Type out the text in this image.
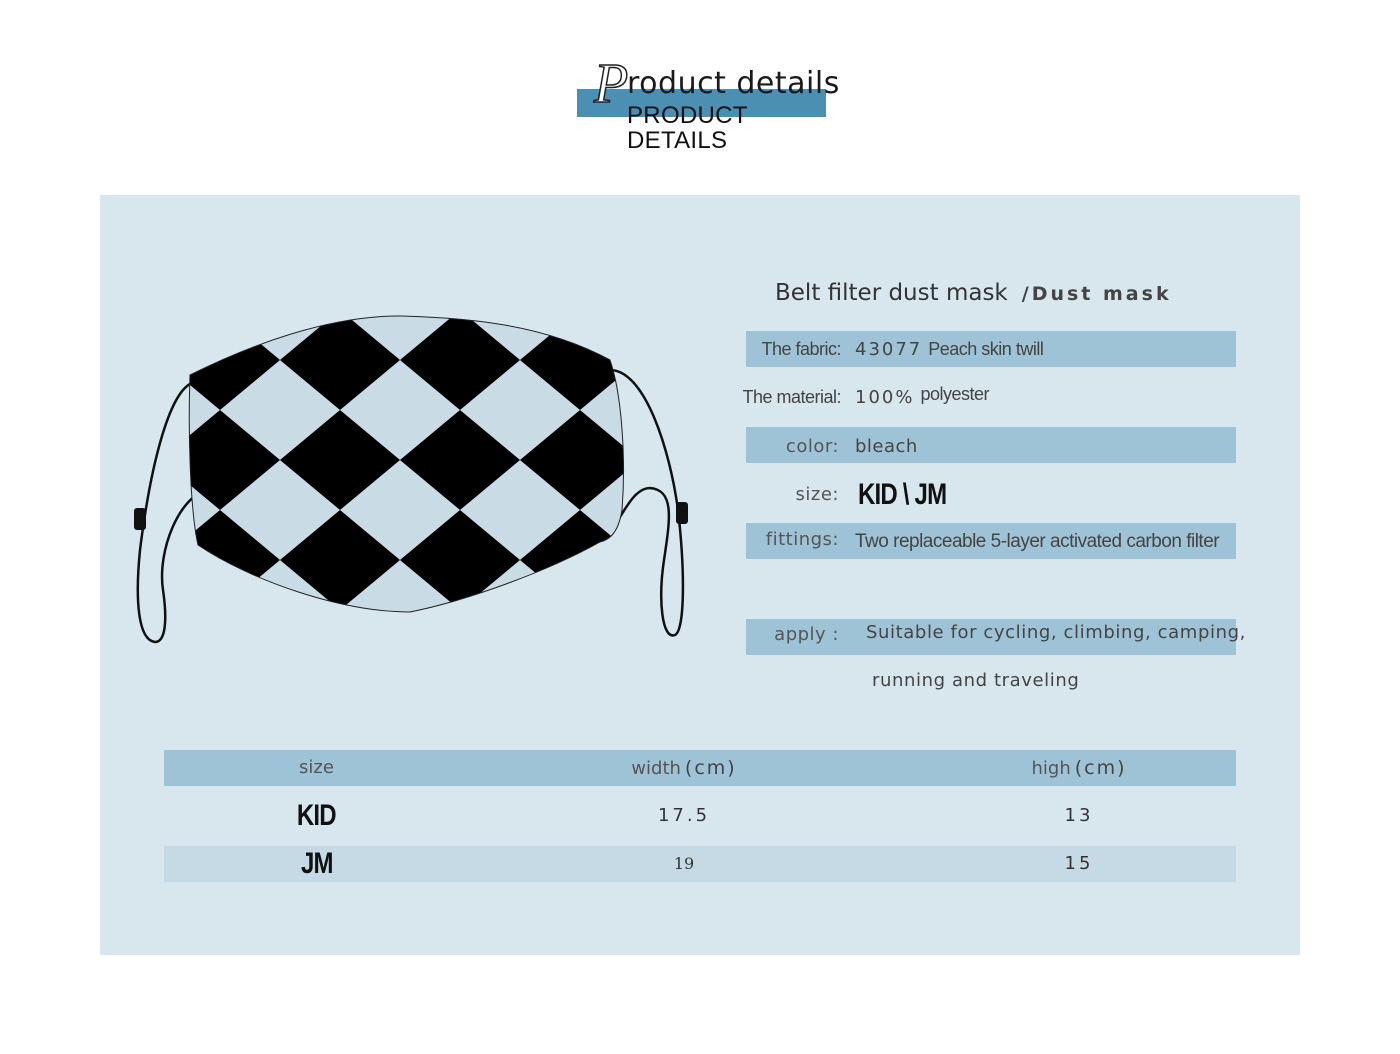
P
roduct details
PRODUCT DETAILS
Belt filter dust mask /Dust mask
The fabric: 43077 Peach skin twill
The material: 100% polyester
color: bleach
size: KID \ JM
fittings: Two replaceable 5-layer activated carbon filter
apply : Suitable for cycling, climbing, camping,
running and traveling
size	width (cm)	high (cm)
KID	17.5	13
JM	19	15
